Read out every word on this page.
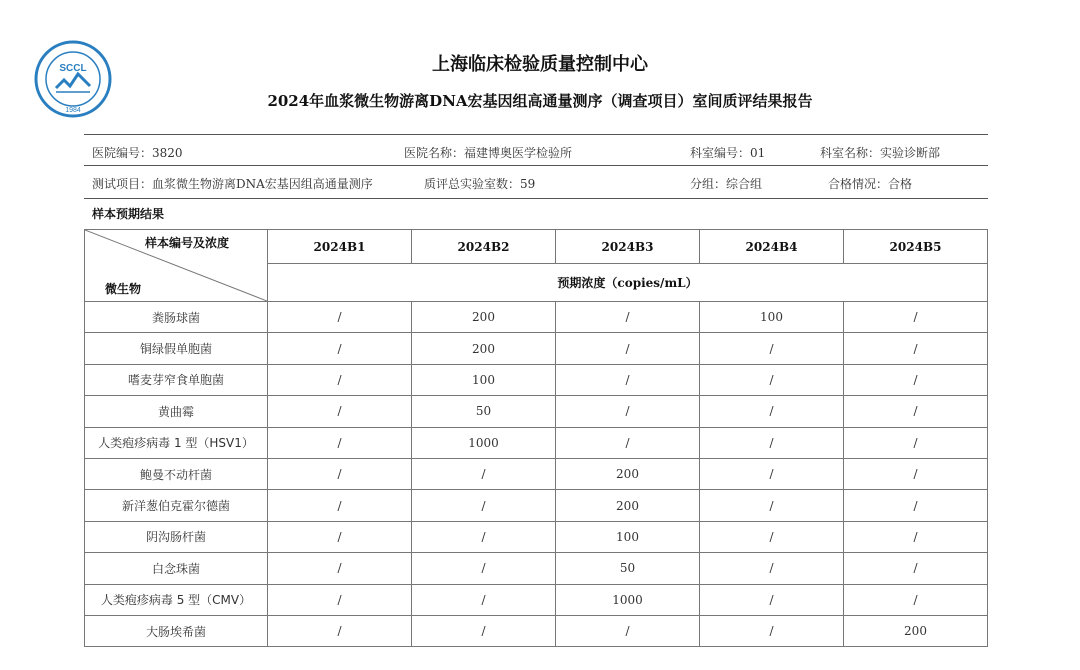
SCCL
1984
上海临床检验质量控制中心
2024年血浆微生物游离DNA宏基因组高通量测序（调查项目）室间质评结果报告
医院编号：3820	医院名称：福建博奥医学检验所	科室编号：01	科室名称：实验诊断部
测试项目：血浆微生物游离DNA宏基因组高通量测序	质评总实验室数：59	分组：综合组	合格情况：合格
样本预期结果
样本编号及浓度
微生物	2024B1	2024B2	2024B3	2024B4	2024B5
	预期浓度（copies/mL）				
粪肠球菌	/	200	/	100	/
铜绿假单胞菌	/	200	/	/	/
嗜麦芽窄食单胞菌	/	100	/	/	/
黄曲霉	/	50	/	/	/
人类疱疹病毒 1 型（HSV1）	/	1000	/	/	/
鲍曼不动杆菌	/	/	200	/	/
新洋葱伯克霍尔德菌	/	/	200	/	/
阴沟肠杆菌	/	/	100	/	/
白念珠菌	/	/	50	/	/
人类疱疹病毒 5 型（CMV）	/	/	1000	/	/
大肠埃希菌	/	/	/	/	200
